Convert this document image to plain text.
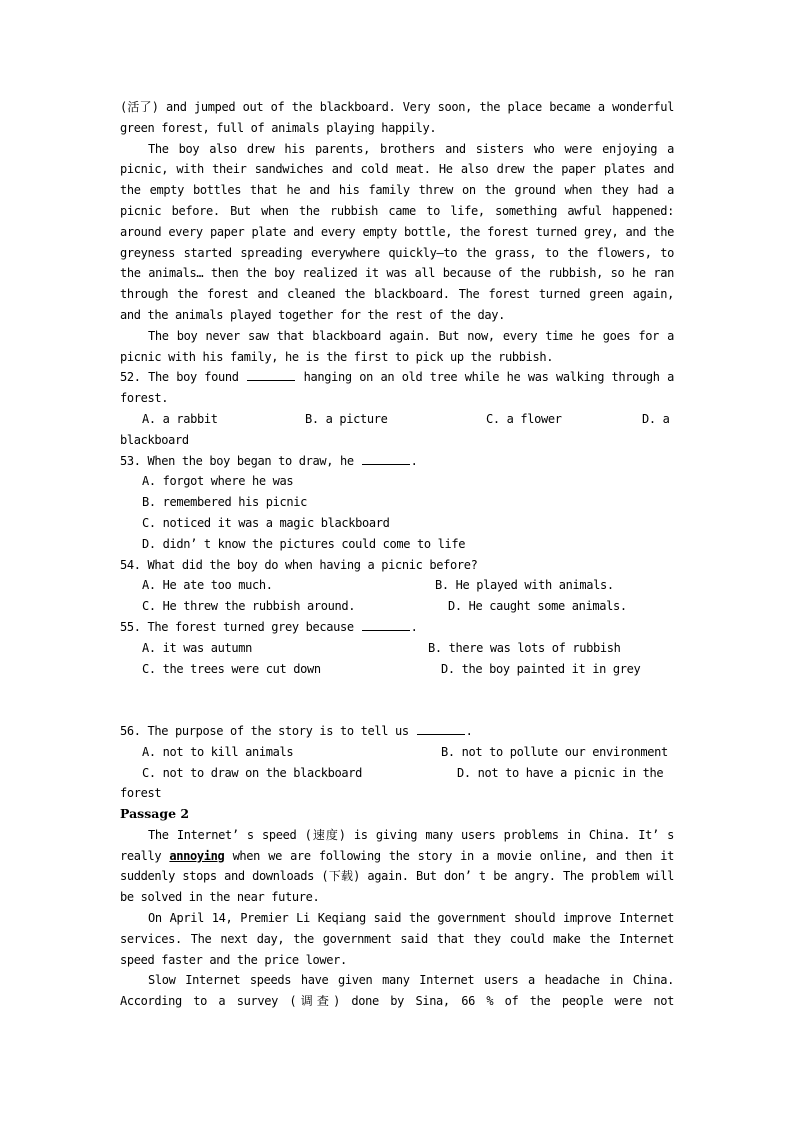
(活了) and jumped out of the blackboard. Very soon, the place became a wonderful green forest, full of animals playing happily.

The boy also drew his parents, brothers and sisters who were enjoying a picnic, with their sandwiches and cold meat. He also drew the paper plates and the empty bottles that he and his family threw on the ground when they had a picnic before. But when the rubbish came to life, something awful happened: around every paper plate and every empty bottle, the forest turned grey, and the greyness started spreading everywhere quickly—to the grass, to the flowers, to the animals… then the boy realized it was all because of the rubbish, so he ran through the forest and cleaned the blackboard. The forest turned green again, and the animals played together for the rest of the day.

The boy never saw that blackboard again. But now, every time he goes for a picnic with his family, he is the first to pick up the rubbish.

52. The boy found	hanging on an old tree while he was walking through a forest.

A. a rabbit	B. a picture	C. a flower	D. a
blackboard

53. When the boy began to draw, he	.

A. forgot where he was
B. remembered his picnic
C. noticed it was a magic blackboard
D. didn’ t know the pictures could come to life

54. What did the boy do when having a picnic before?

A. He ate too much.	B. He played with animals.
C. He threw the rubbish around.	D. He caught some animals.

55. The forest turned grey because	.

A. it was autumn	B. there was lots of rubbish
C. the trees were cut down	D. the boy painted it in grey

56. The purpose of the story is to tell us	.

A. not to kill animals	B. not to pollute our environment
C. not to draw on the blackboard	D. not to have a picnic in the
forest

Passage 2

The Internet’ s speed (速度) is giving many users problems in China. It’ s really annoying when we are following the story in a movie online, and then it suddenly stops and downloads (下载) again. But don’ t be angry. The problem will be solved in the near future.

On April 14, Premier Li Keqiang said the government should improve Internet services. The next day, the government said that they could make the Internet speed faster and the price lower.

Slow Internet speeds have given many Internet users a headache in China. According to a survey (调查) done by Sina, 66 % of the people were not
